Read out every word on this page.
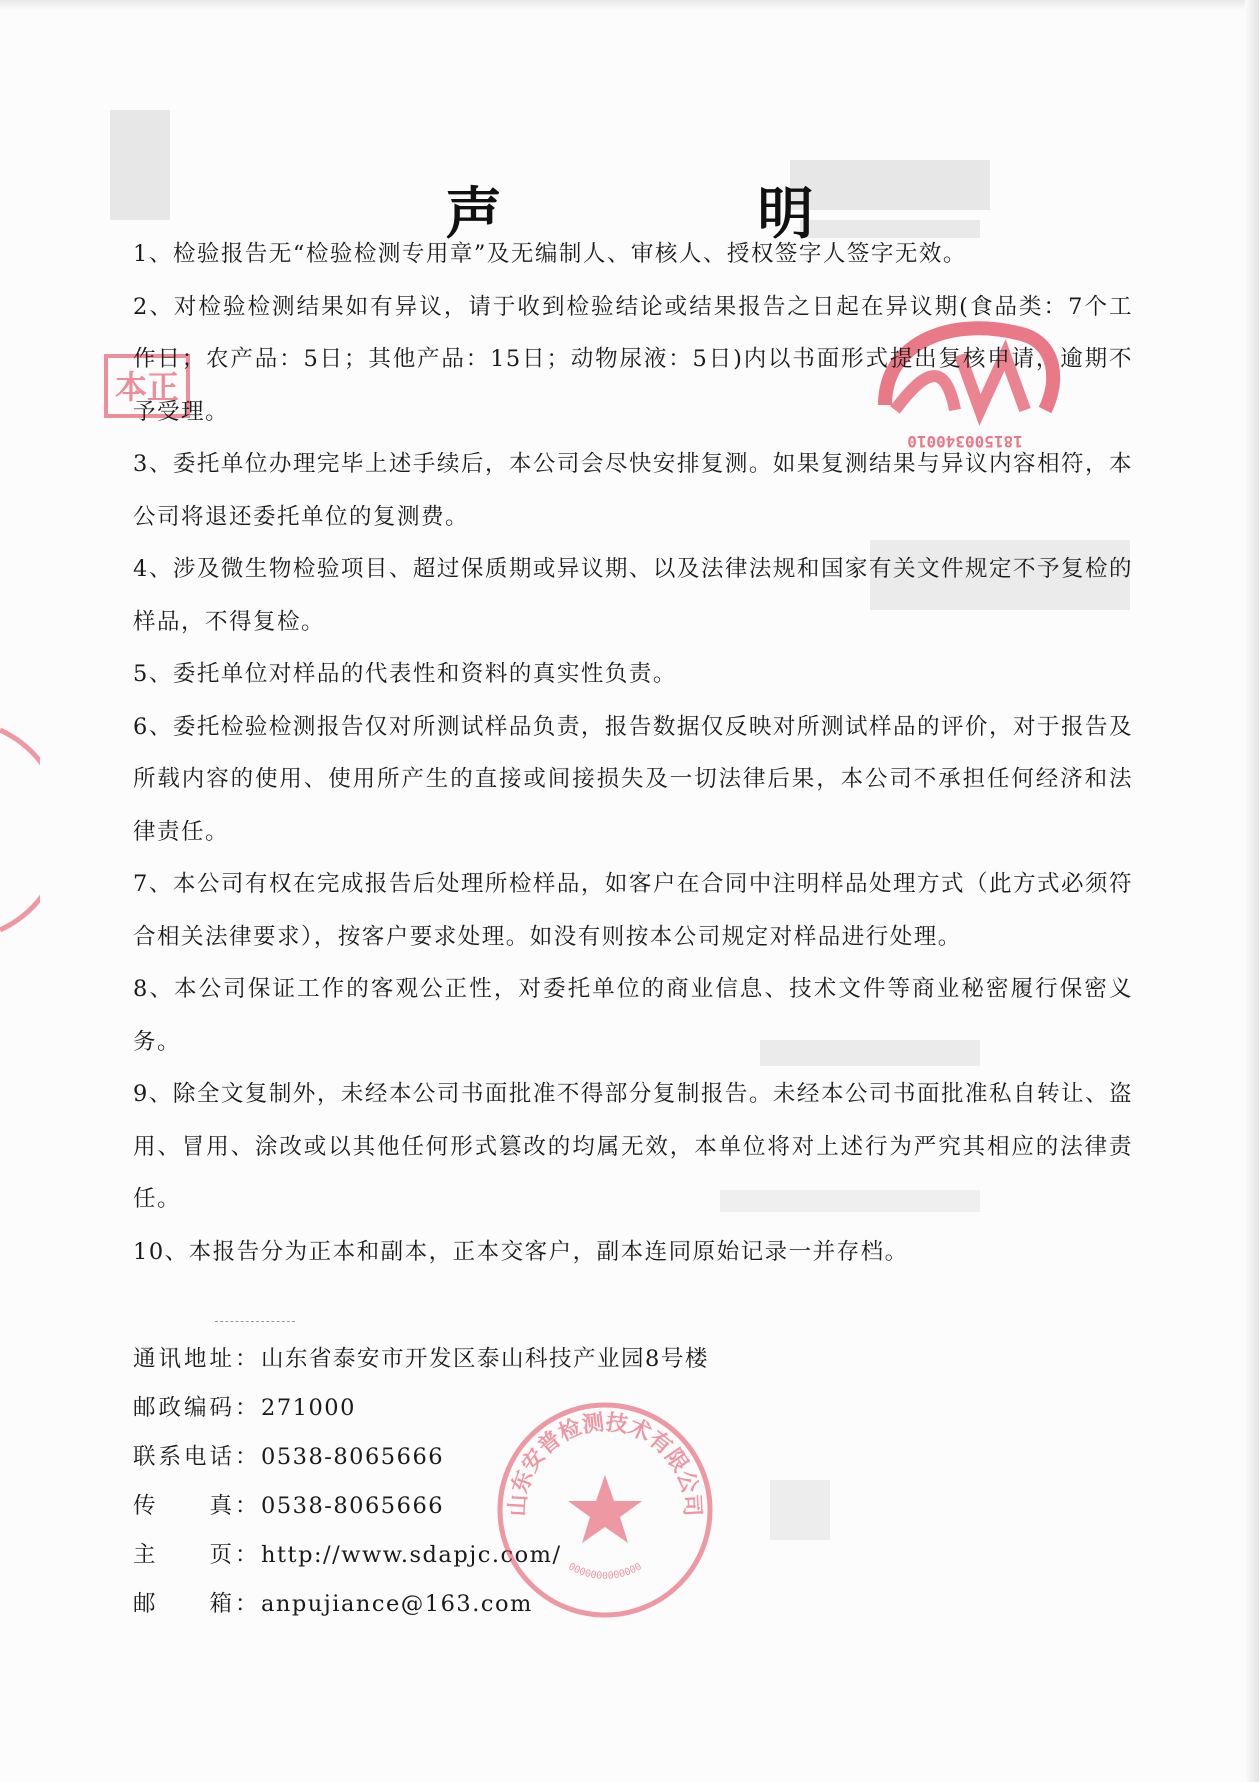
181500340010
本正
声　明

1、检验报告无“检验检测专用章”及无编制人、审核人、授权签字人签字无效。

2、对检验检测结果如有异议，请于收到检验结论或结果报告之日起在异议期(食品类：7个工作日；农产品：5日；其他产品：15日；动物尿液：5日)内以书面形式提出复核申请，逾期不予受理。

3、委托单位办理完毕上述手续后，本公司会尽快安排复测。如果复测结果与异议内容相符，本公司将退还委托单位的复测费。

4、涉及微生物检验项目、超过保质期或异议期、以及法律法规和国家有关文件规定不予复检的样品，不得复检。

5、委托单位对样品的代表性和资料的真实性负责。

6、委托检验检测报告仅对所测试样品负责，报告数据仅反映对所测试样品的评价，对于报告及所载内容的使用、使用所产生的直接或间接损失及一切法律后果，本公司不承担任何经济和法律责任。

7、本公司有权在完成报告后处理所检样品，如客户在合同中注明样品处理方式（此方式必须符合相关法律要求），按客户要求处理。如没有则按本公司规定对样品进行处理。

8、本公司保证工作的客观公正性，对委托单位的商业信息、技术文件等商业秘密履行保密义务。

9、除全文复制外，未经本公司书面批准不得部分复制报告。未经本公司书面批准私自转让、盗用、冒用、涂改或以其他任何形式篡改的均属无效，本单位将对上述行为严究其相应的法律责任。

10、本报告分为正本和副本，正本交客户，副本连同原始记录一并存档。

通讯地址： 山东省泰安市开发区泰山科技产业园8号楼
邮政编码： 271000
联系电话： 0538-8065666
传　　真： 0538-8065666
主　　页： http://www.sdapjc.com/
邮　　箱： anpujiance@163.com
山东安普检测技术有限公司
0000000000000
